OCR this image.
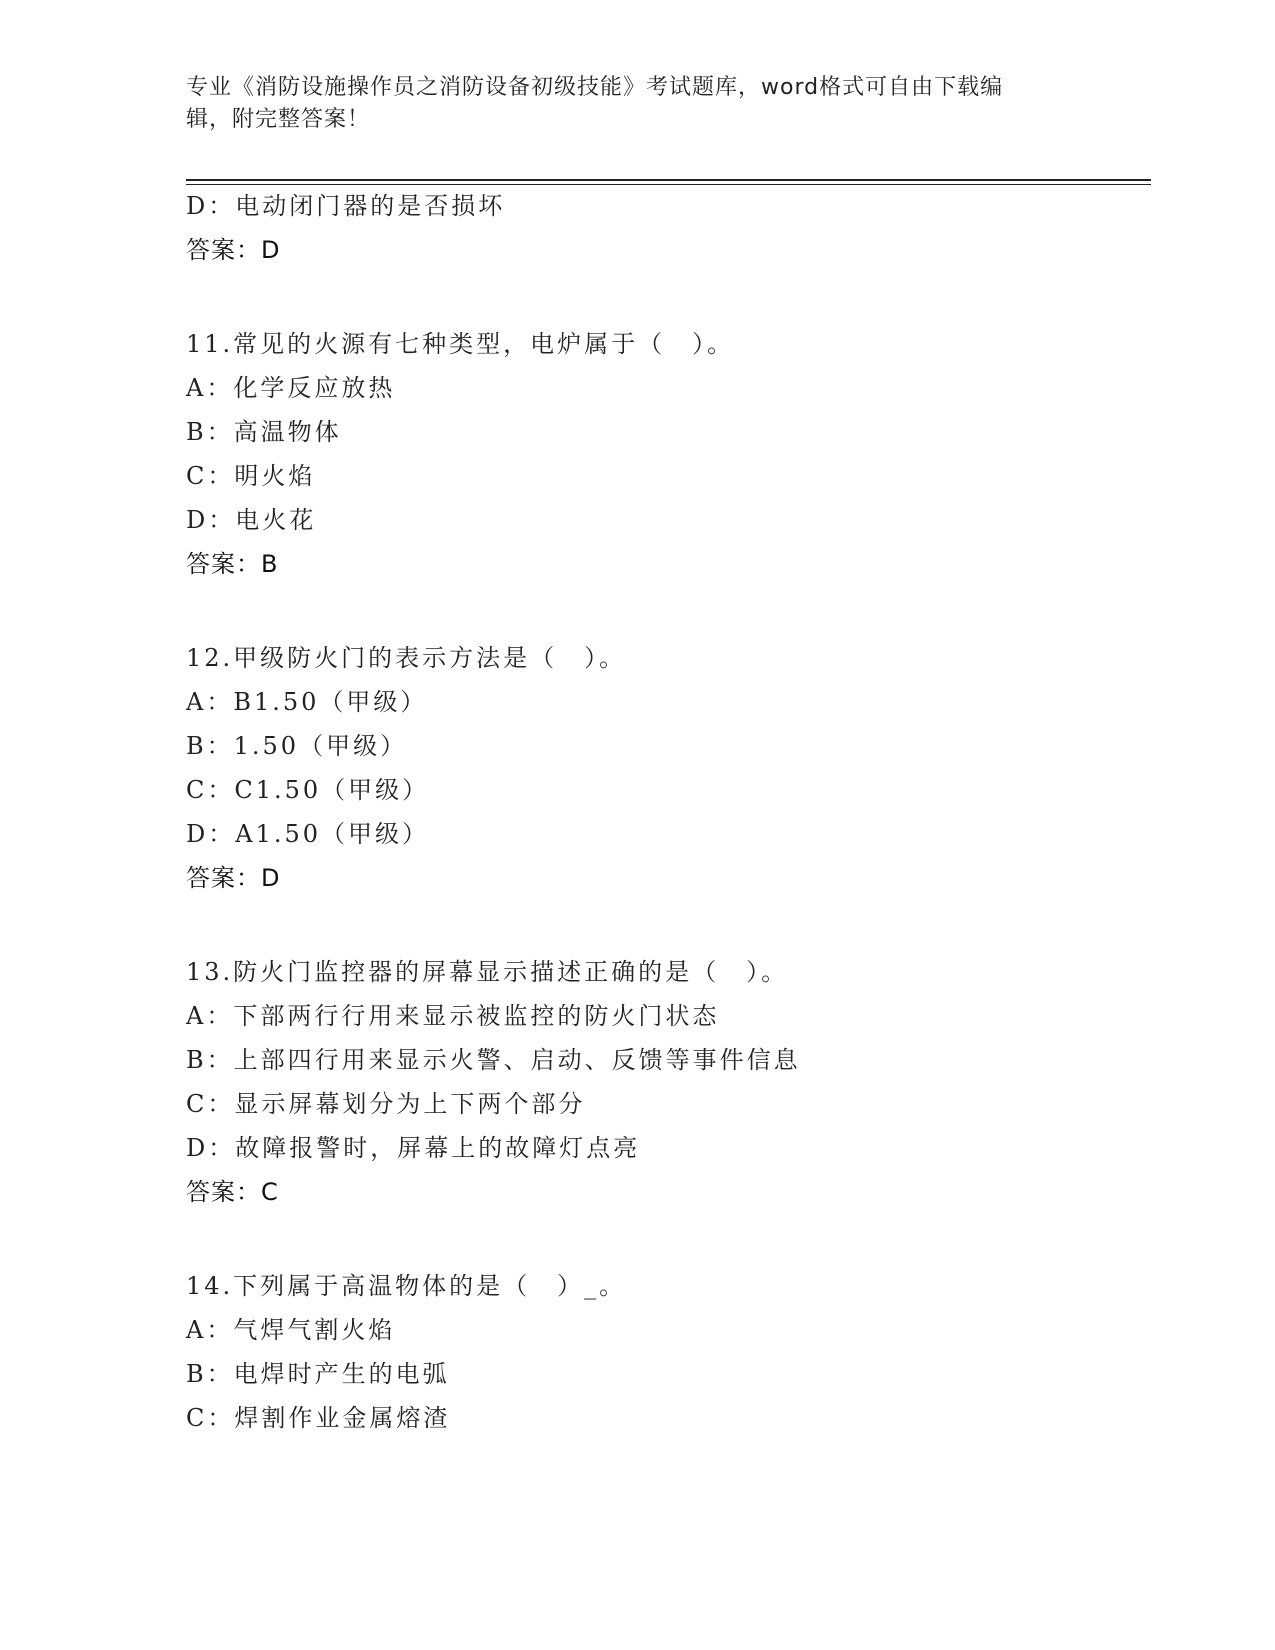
专业《消防设施操作员之消防设备初级技能》考试题库，word格式可自由下载编
辑，附完整答案！
D：电动闭门器的是否损坏
答案：D
11.常见的火源有七种类型，电炉属于（　）。
A：化学反应放热
B：高温物体
C：明火焰
D：电火花
答案：B
12.甲级防火门的表示方法是（　）。
A：B1.50（甲级）
B：1.50（甲级）
C：C1.50（甲级）
D：A1.50（甲级）
答案：D
13.防火门监控器的屏幕显示描述正确的是（　）。
A：下部两行行用来显示被监控的防火门状态
B：上部四行用来显示火警、启动、反馈等事件信息
C：显示屏幕划分为上下两个部分
D：故障报警时，屏幕上的故障灯点亮
答案：C
14.下列属于高温物体的是（　）_。
A：气焊气割火焰
B：电焊时产生的电弧
C：焊割作业金属熔渣
